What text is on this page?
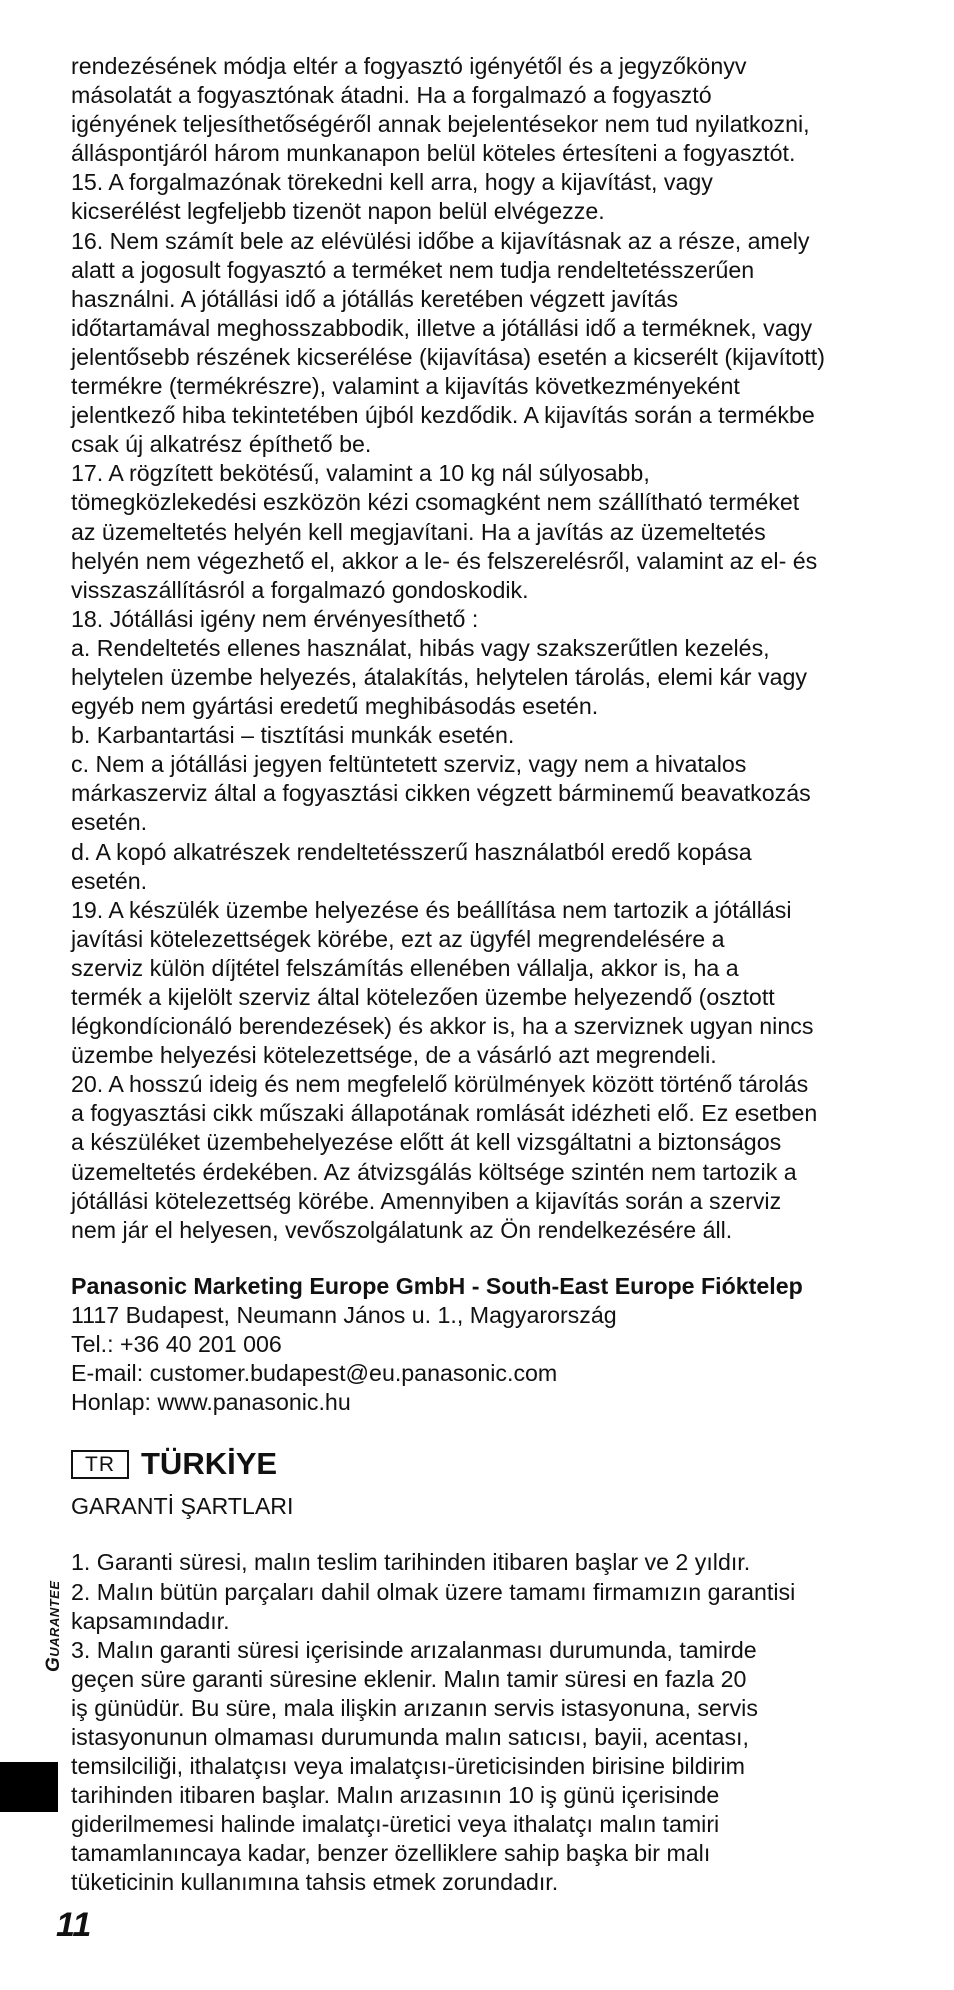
rendezésének módja eltér a fogyasztó igényétől és a jegyzőkönyv

másolatát a fogyasztónak átadni. Ha a forgalmazó a fogyasztó

igényének teljesíthetőségéről annak bejelentésekor nem tud nyilatkozni,

álláspontjáról három munkanapon belül köteles értesíteni a fogyasztót.

15. A forgalmazónak törekedni kell arra, hogy a kijavítást, vagy

kicserélést legfeljebb tizenöt napon belül elvégezze.

16. Nem számít bele az elévülési időbe a kijavításnak az a része, amely

alatt a jogosult fogyasztó a terméket nem tudja rendeltetésszerűen

használni. A jótállási idő a jótállás keretében végzett javítás

időtartamával meghosszabbodik, illetve a jótállási idő a terméknek, vagy

jelentősebb részének kicserélése (kijavítása) esetén a kicserélt (kijavított)

termékre (termékrészre), valamint a kijavítás következményeként

jelentkező hiba tekintetében újból kezdődik. A kijavítás során a termékbe

csak új alkatrész építhető be.

17. A rögzített bekötésű, valamint a 10 kg nál súlyosabb,

tömegközlekedési eszközön kézi csomagként nem szállítható terméket

az üzemeltetés helyén kell megjavítani. Ha a javítás az üzemeltetés

helyén nem végezhető el, akkor a le- és felszerelésről, valamint az el- és

visszaszállításról a forgalmazó gondoskodik.

18. Jótállási igény nem érvényesíthető :

a. Rendeltetés ellenes használat, hibás vagy szakszerűtlen kezelés,

helytelen üzembe helyezés, átalakítás, helytelen tárolás, elemi kár vagy

egyéb nem gyártási eredetű meghibásodás esetén.

b. Karbantartási – tisztítási munkák esetén.

c. Nem a jótállási jegyen feltüntetett szerviz, vagy nem a hivatalos

márkaszerviz által a fogyasztási cikken végzett bárminemű beavatkozás

esetén.

d. A kopó alkatrészek rendeltetésszerű használatból eredő kopása

esetén.

19. A készülék üzembe helyezése és beállítása nem tartozik a jótállási

javítási kötelezettségek körébe, ezt az ügyfél megrendelésére a

szerviz külön díjtétel felszámítás ellenében vállalja, akkor is, ha a

termék a kijelölt szerviz által kötelezően üzembe helyezendő (osztott

légkondícionáló berendezések) és akkor is, ha a szerviznek ugyan nincs

üzembe helyezési kötelezettsége, de a vásárló azt megrendeli.

20. A hosszú ideig és nem megfelelő körülmények között történő tárolás

a fogyasztási cikk műszaki állapotának romlását idézheti elő. Ez esetben

a készüléket üzembehelyezése előtt át kell vizsgáltatni a biztonságos

üzemeltetés érdekében. Az átvizsgálás költsége szintén nem tartozik a

jótállási kötelezettség körébe. Amennyiben a kijavítás során a szerviz

nem jár el helyesen, vevőszolgálatunk az Ön rendelkezésére áll.

Panasonic Marketing Europe GmbH - South-East Europe Fióktelep
1117 Budapest, Neumann János u. 1., Magyarország
Tel.: +36 40 201 006
E-mail: customer.budapest@eu.panasonic.com
Honlap: www.panasonic.hu
TR TÜRKİYE
GARANTİ ŞARTLARI

1. Garanti süresi, malın teslim tarihinden itibaren başlar ve 2 yıldır.

2. Malın bütün parçaları dahil olmak üzere tamamı firmamızın garantisi

kapsamındadır.

3. Malın garanti süresi içerisinde arızalanması durumunda, tamirde

geçen süre garanti süresine eklenir. Malın tamir süresi en fazla 20

iş günüdür. Bu süre, mala ilişkin arızanın servis istasyonuna, servis

istasyonunun olmaması durumunda malın satıcısı, bayii, acentası,

temsilciliği, ithalatçısı veya imalatçısı-üreticisinden birisine bildirim

tarihinden itibaren başlar. Malın arızasının 10 iş günü içerisinde

giderilmemesi halinde imalatçı-üretici veya ithalatçı malın tamiri

tamamlanıncaya kadar, benzer özelliklere sahip başka bir malı

tüketicinin kullanımına tahsis etmek zorundadır.

Guarantee
11
